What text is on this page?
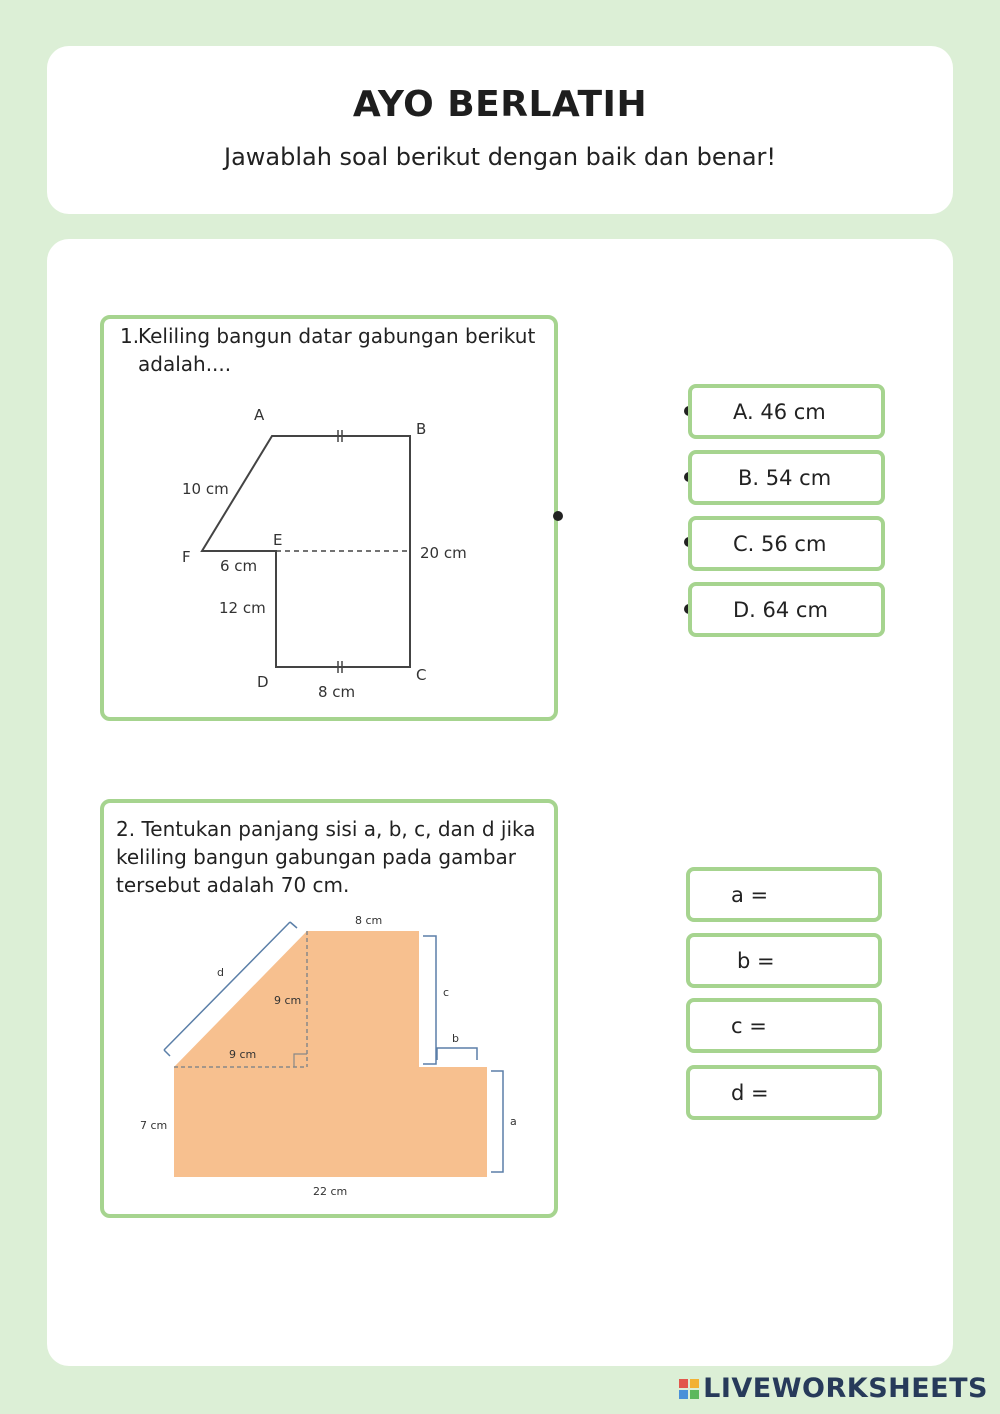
AYO BERLATIH
Jawablah soal berikut dengan baik dan benar!
1.
Keliling bangun datar gabungan berikut adalah....
A
B
C
D
E
F
10 cm
6 cm
12 cm
20 cm
8 cm
A. 46 cm
B. 54 cm
C. 56 cm
D. 64 cm
2. Tentukan panjang sisi a, b, c, dan d jika keliling bangun gabungan pada gambar tersebut adalah 70 cm.
8 cm
d
9 cm
9 cm
c
b
a
7 cm
22 cm
a =
b =
c =
d =
LIVEWORKSHEETS
